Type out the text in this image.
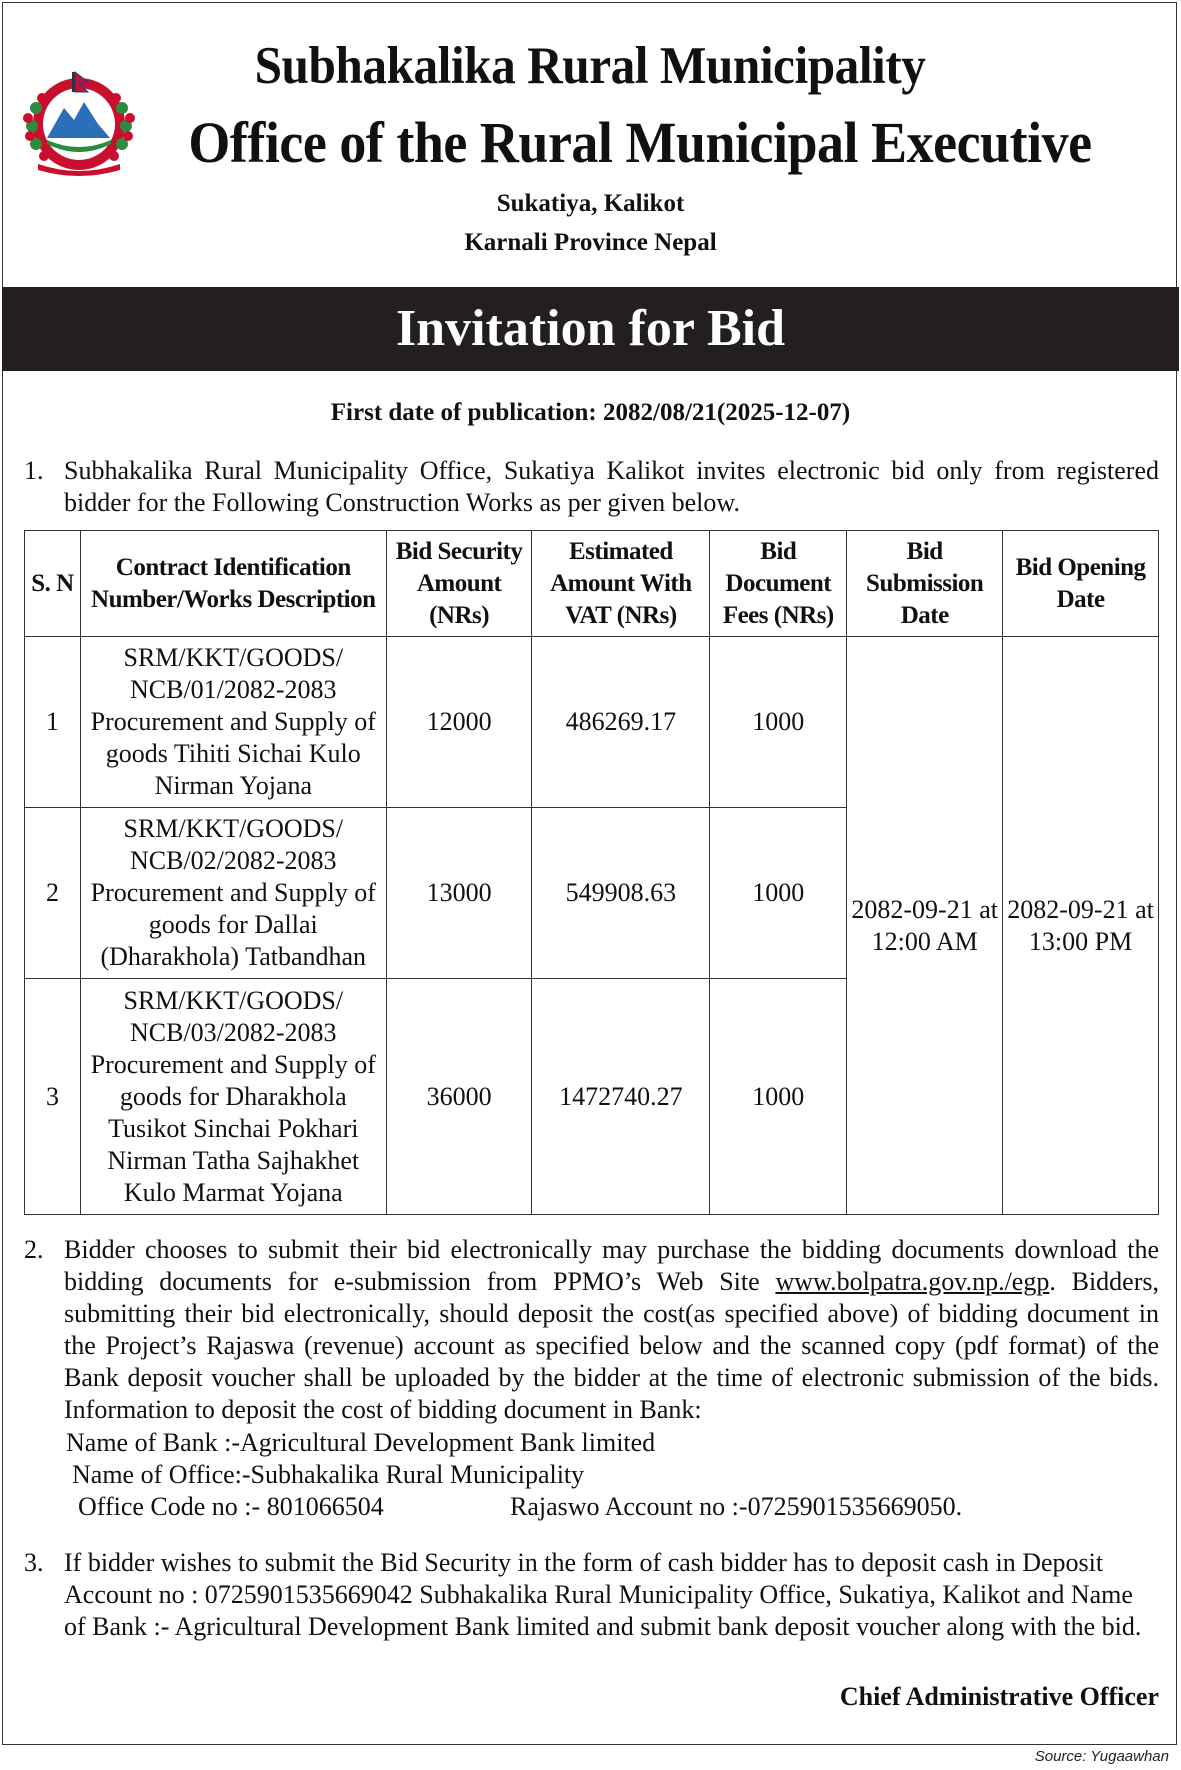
Subhakalika Rural Municipality
Office of the Rural Municipal Executive
Sukatiya, Kalikot
Karnali Province Nepal
Invitation for Bid
First date of publication: 2082/08/21(2025-12-07)
1. Subhakalika Rural Municipality Office, Sukatiya Kalikot invites electronic bid only from registered bidder for the Following Construction Works as per given below.
S. N	Contract Identification Number/Works Description	Bid Security Amount (NRs)	Estimated Amount With VAT (NRs)	Bid Document Fees (NRs)	Bid Submission Date	Bid Opening Date
1	SRM/KKT/GOODS/ NCB/01/2082-2083 Procurement and Supply of goods Tihiti Sichai Kulo Nirman Yojana	12000	486269.17	1000	2082-09-21 at 12:00 AM	2082-09-21 at 13:00 PM
2	SRM/KKT/GOODS/ NCB/02/2082-2083 Procurement and Supply of goods for Dallai (Dharakhola) Tatbandhan	13000	549908.63	1000		
3	SRM/KKT/GOODS/ NCB/03/2082-2083 Procurement and Supply of goods for Dharakhola Tusikot Sinchai Pokhari Nirman Tatha Sajhakhet Kulo Marmat Yojana	36000	1472740.27	1000		
2. Bidder chooses to submit their bid electronically may purchase the bidding documents download the bidding documents for e-submission from PPMO’s Web Site www.bolpatra.gov.np./egp. Bidders, submitting their bid electronically, should deposit the cost(as specified above) of bidding document in the Project’s Rajaswa (revenue) account as specified below and the scanned copy (pdf format) of the Bank deposit voucher shall be uploaded by the bidder at the time of electronic submission of the bids. Information to deposit the cost of bidding document in Bank:
Name of Bank :-Agricultural Development Bank limited
Name of Office:-Subhakalika Rural Municipality
Office Code no :- 801066504	Rajaswo Account no :-0725901535669050.
3. If bidder wishes to submit the Bid Security in the form of cash bidder has to deposit cash in Deposit Account no : 0725901535669042 Subhakalika Rural Municipality Office, Sukatiya, Kalikot and Name of Bank :- Agricultural Development Bank limited and submit bank deposit voucher along with the bid.
Chief Administrative Officer
Source: Yugaawhan
